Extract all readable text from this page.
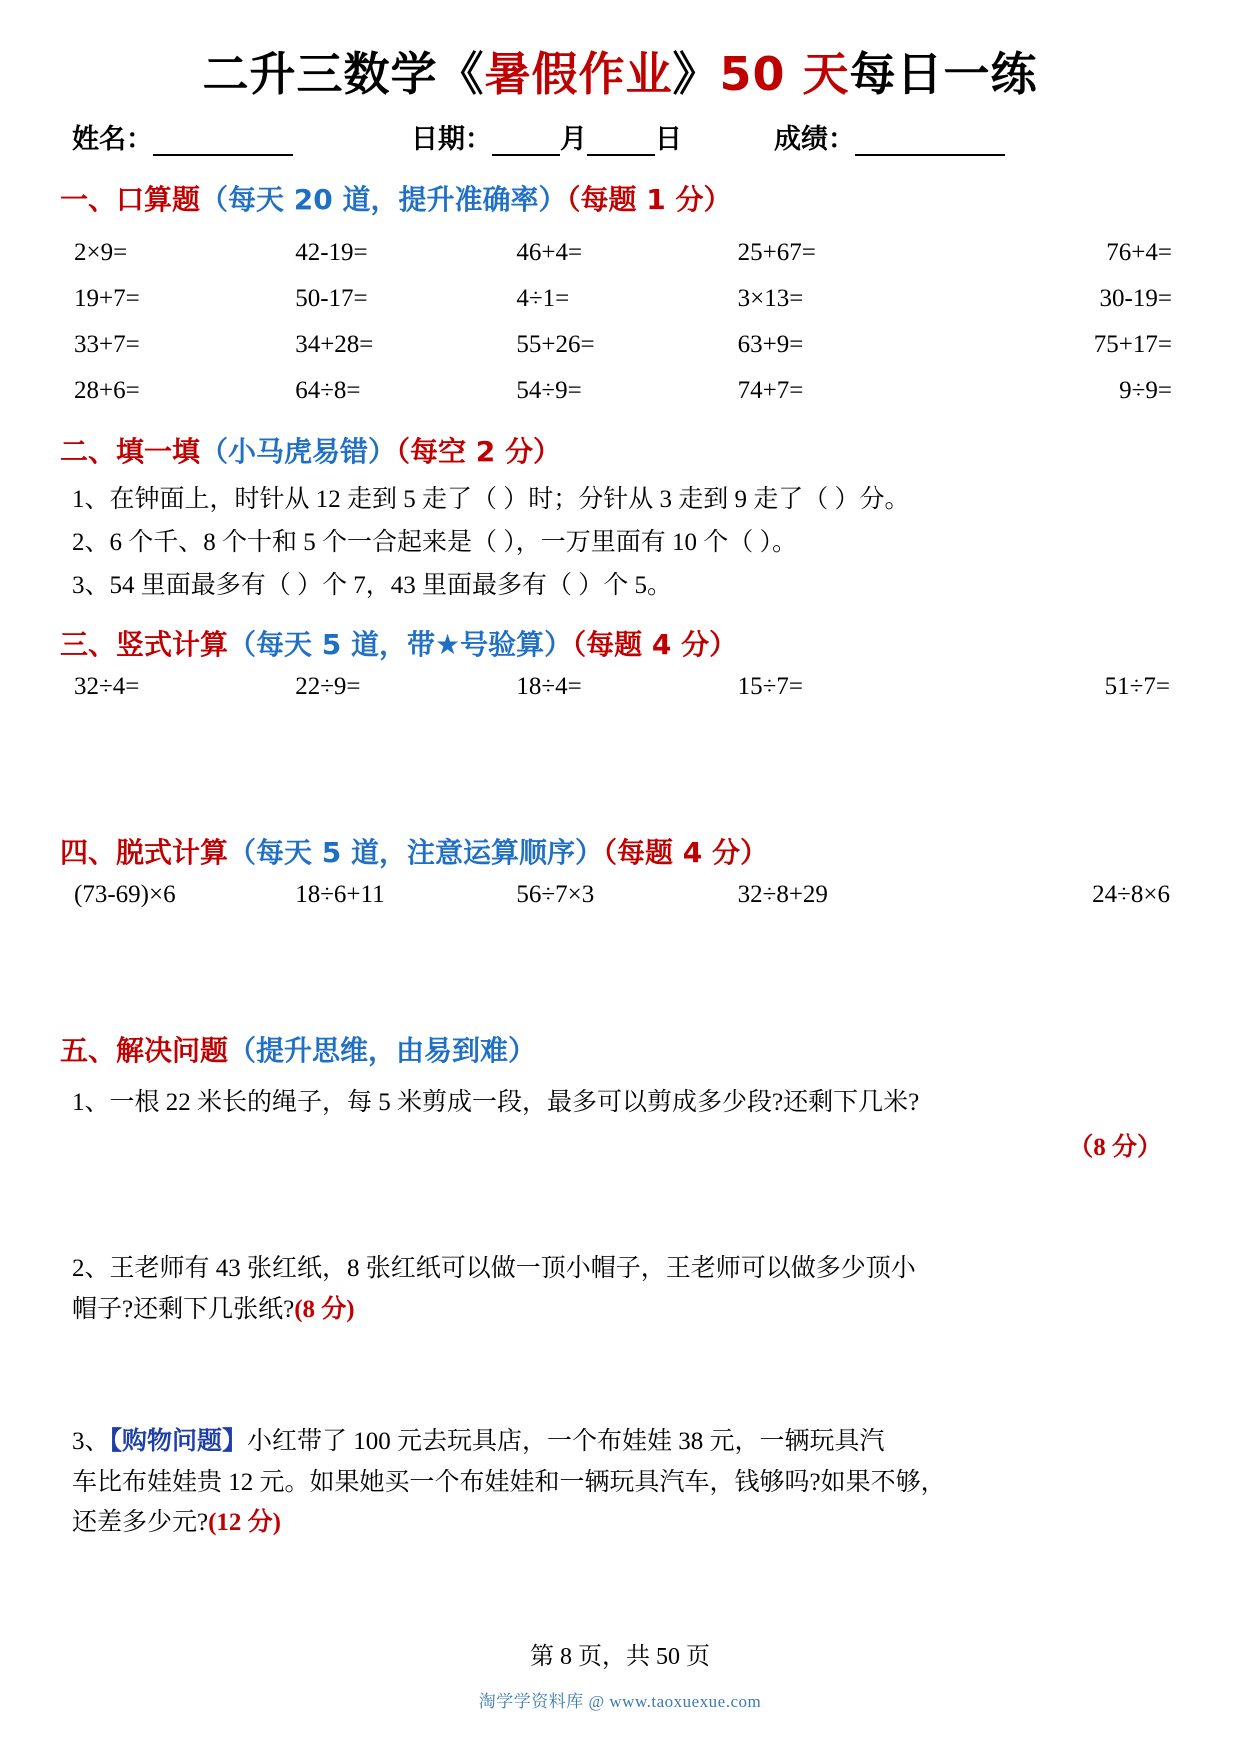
二升三数学《暑假作业》50 天每日一练
姓名：	日期：	月	日	成绩：
一、口算题（每天 20 道，提升准确率）（每题 1 分）
2×9=	42-19=	46+4=	25+67=	76+4=
19+7=	50-17=	4÷1=	3×13=	30-19=
33+7=	34+28=	55+26=	63+9=	75+17=
28+6=	64÷8=	54÷9=	74+7=	9÷9=
二、填一填（小马虎易错）（每空 2 分）
1、在钟面上，时针从 12 走到 5 走了（ ）时；分针从 3 走到 9 走了（ ）分。
2、6 个千、8 个十和 5 个一合起来是（ ），一万里面有 10 个（ ）。
3、54 里面最多有（ ）个 7，43 里面最多有（ ）个 5。
三、竖式计算（每天 5 道，带★号验算）（每题 4 分）
32÷4=	22÷9=	18÷4=	15÷7=	51÷7=
四、脱式计算（每天 5 道，注意运算顺序）（每题 4 分）
(73-69)×6	18÷6+11	56÷7×3	32÷8+29	24÷8×6
五、解决问题（提升思维，由易到难）
1、一根 22 米长的绳子，每 5 米剪成一段，最多可以剪成多少段?还剩下几米?
（8 分）
2、王老师有 43 张红纸，8 张红纸可以做一顶小帽子，王老师可以做多少顶小
帽子?还剩下几张纸?(8 分)
3、【购物问题】小红带了 100 元去玩具店，一个布娃娃 38 元，一辆玩具汽
车比布娃娃贵 12 元。如果她买一个布娃娃和一辆玩具汽车，钱够吗?如果不够，
还差多少元?(12 分)
第 8 页，共 50 页
淘学学资料库 @ www.taoxuexue.com
